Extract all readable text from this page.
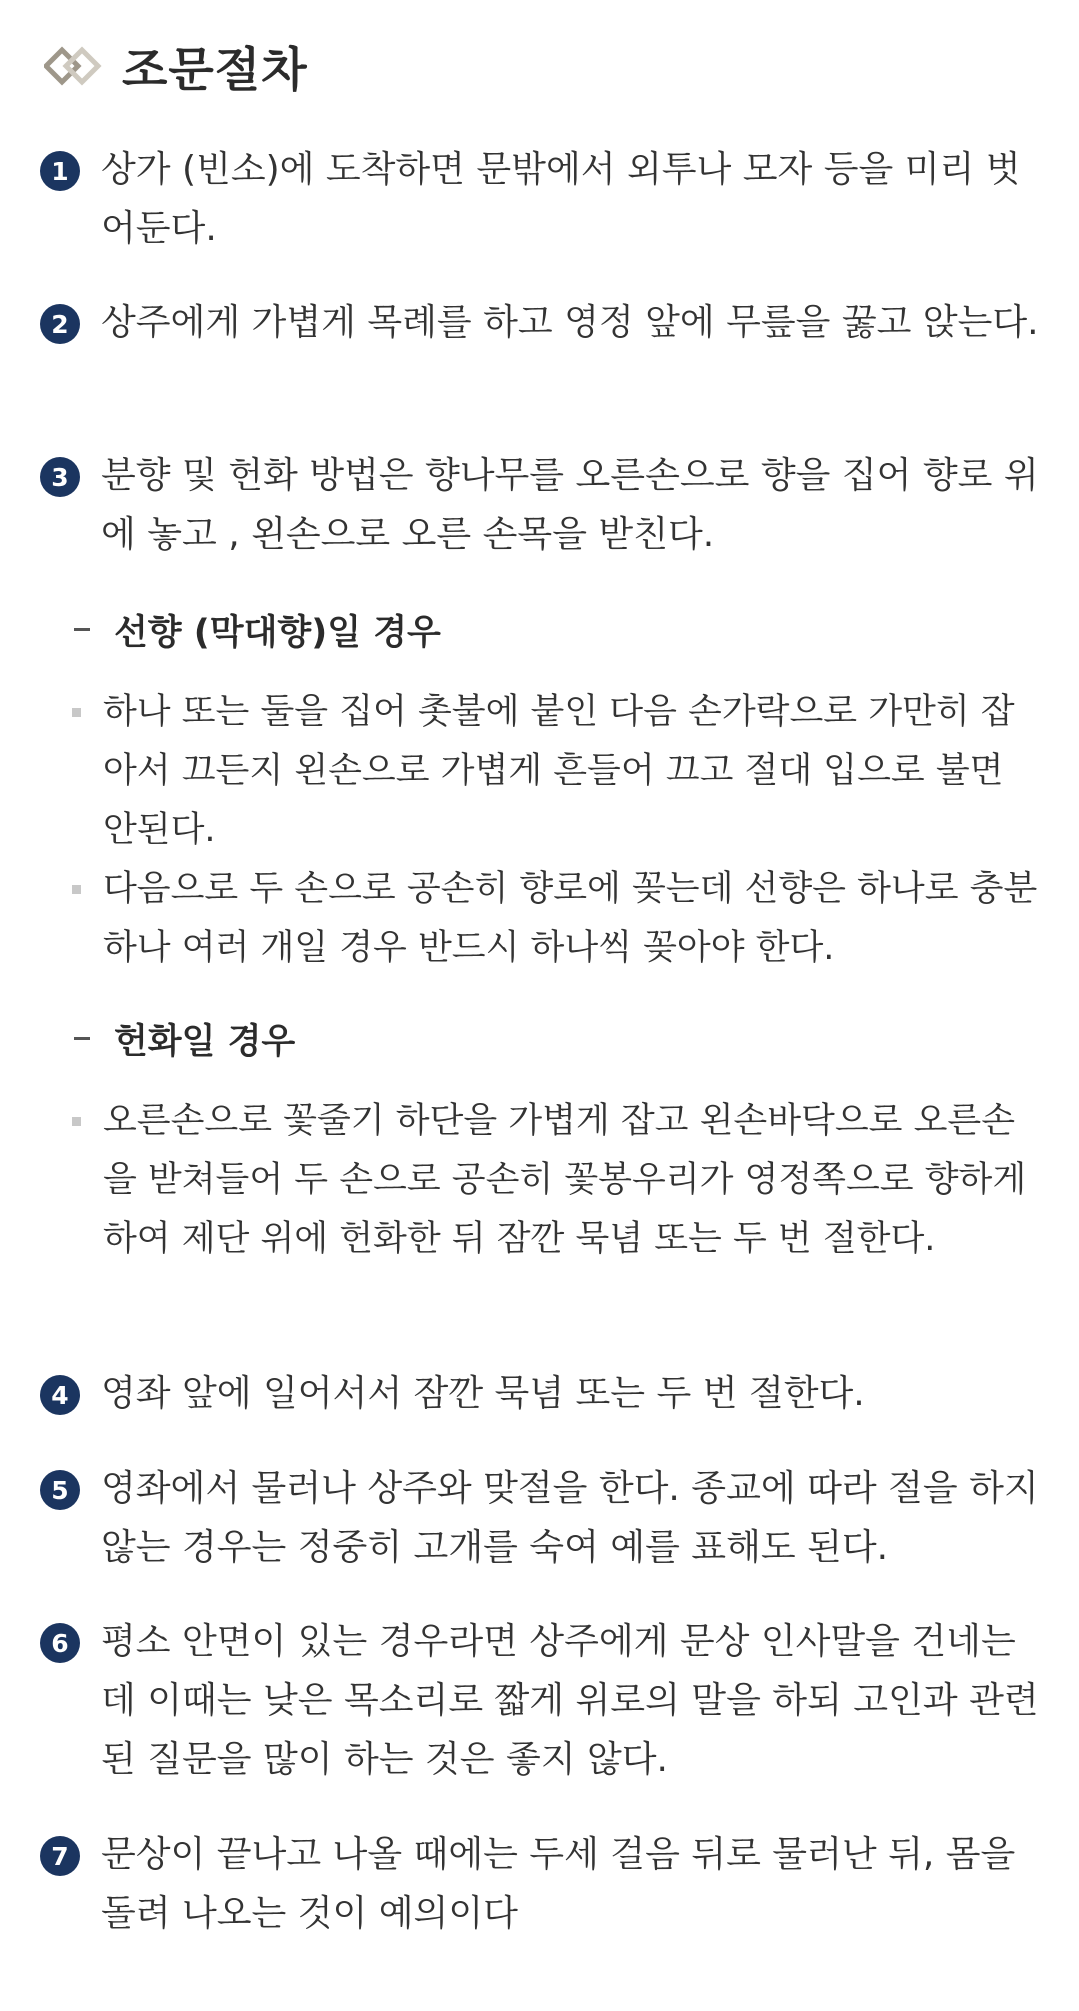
조문절차
1 상가 (빈소)에 도착하면 문밖에서 외투나 모자 등을 미리 벗어둔다.
2 상주에게 가볍게 목례를 하고 영정 앞에 무릎을 꿇고 앉는다.
3 분향 및 헌화 방법은 향나무를 오른손으로 향을 집어 향로 위에 놓고 , 왼손으로 오른 손목을 받친다.
선향 (막대향)일 경우
하나 또는 둘을 집어 촛불에 붙인 다음 손가락으로 가만히 잡아서 끄든지 왼손으로 가볍게 흔들어 끄고 절대 입으로 불면 안된다.
다음으로 두 손으로 공손히 향로에 꽂는데 선향은 하나로 충분하나 여러 개일 경우 반드시 하나씩 꽂아야 한다.
헌화일 경우
오른손으로 꽃줄기 하단을 가볍게 잡고 왼손바닥으로 오른손을 받쳐들어 두 손으로 공손히 꽃봉우리가 영정쪽으로 향하게 하여 제단 위에 헌화한 뒤 잠깐 묵념 또는 두 번 절한다.
4 영좌 앞에 일어서서 잠깐 묵념 또는 두 번 절한다.
5 영좌에서 물러나 상주와 맞절을 한다. 종교에 따라 절을 하지 않는 경우는 정중히 고개를 숙여 예를 표해도 된다.
6 평소 안면이 있는 경우라면 상주에게 문상 인사말을 건네는데 이때는 낮은 목소리로 짧게 위로의 말을 하되 고인과 관련된 질문을 많이 하는 것은 좋지 않다.
7 문상이 끝나고 나올 때에는 두세 걸음 뒤로 물러난 뒤, 몸을 돌려 나오는 것이 예의이다
